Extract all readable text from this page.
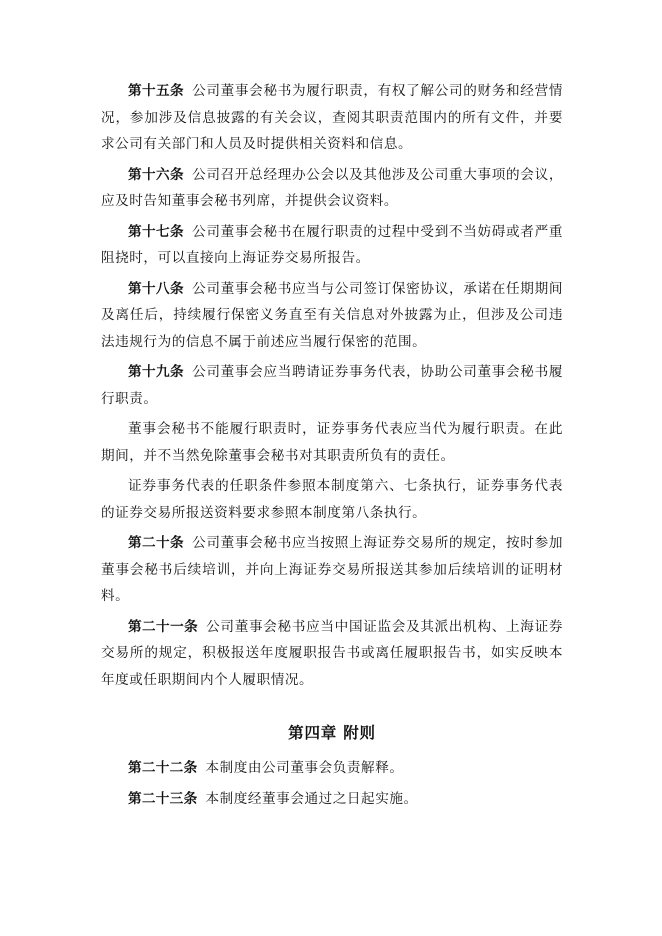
第十五条 公司董事会秘书为履行职责，有权了解公司的财务和经营情况，参加涉及信息披露的有关会议，查阅其职责范围内的所有文件，并要求公司有关部门和人员及时提供相关资料和信息。

第十六条 公司召开总经理办公会以及其他涉及公司重大事项的会议，应及时告知董事会秘书列席，并提供会议资料。

第十七条 公司董事会秘书在履行职责的过程中受到不当妨碍或者严重阻挠时，可以直接向上海证券交易所报告。

第十八条 公司董事会秘书应当与公司签订保密协议，承诺在任期期间及离任后，持续履行保密义务直至有关信息对外披露为止，但涉及公司违法违规行为的信息不属于前述应当履行保密的范围。

第十九条 公司董事会应当聘请证券事务代表，协助公司董事会秘书履行职责。

董事会秘书不能履行职责时，证券事务代表应当代为履行职责。在此期间，并不当然免除董事会秘书对其职责所负有的责任。

证券事务代表的任职条件参照本制度第六、七条执行，证券事务代表的证券交易所报送资料要求参照本制度第八条执行。

第二十条 公司董事会秘书应当按照上海证券交易所的规定，按时参加董事会秘书后续培训，并向上海证券交易所报送其参加后续培训的证明材料。

第二十一条 公司董事会秘书应当中国证监会及其派出机构、上海证券交易所的规定，积极报送年度履职报告书或离任履职报告书，如实反映本年度或任职期间内个人履职情况。

第四章 附则

第二十二条 本制度由公司董事会负责解释。

第二十三条 本制度经董事会通过之日起实施。
